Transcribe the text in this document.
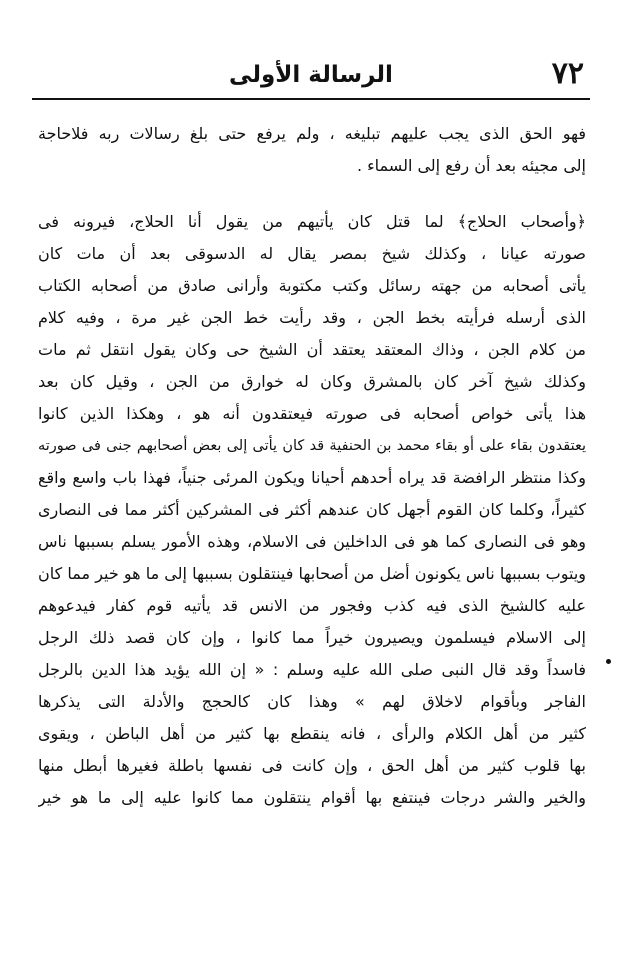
٧٢
الرسالة الأولى
فهو الحق الذى يجب عليهم تبليغه ، ولم يرفع حتى بلغ رسالات ربه فلاحاجة
إلى مجيئه بعد أن رفع إلى السماء .
﴿وأصحاب الحلاج﴾ لما قتل كان يأتيهم من يقول أنا الحلاج، فيرونه فى
صورته عيانا ، وكذلك شيخ بمصر يقال له الدسوقى بعد أن مات كان
يأتى أصحابه من جهته رسائل وكتب مكتوبة وأرانى صادق من أصحابه الكتاب
الذى أرسله فرأيته بخط الجن ، وقد رأيت خط الجن غير مرة ، وفيه كلام
من كلام الجن ، وذاك المعتقد يعتقد أن الشيخ حى وكان يقول انتقل ثم مات
وكذلك شيخ آخر كان بالمشرق وكان له خوارق من الجن ، وقيل كان بعد
هذا يأتى خواص أصحابه فى صورته فيعتقدون أنه هو ، وهكذا الذين كانوا
يعتقدون بقاء على أو بقاء محمد بن الحنفية قد كان يأتى إلى بعض أصحابهم جنى فى صورته
وكذا منتظر الرافضة قد يراه أحدهم أحيانا ويكون المرئى جنياً، فهذا باب واسع واقع
كثيراً، وكلما كان القوم أجهل كان عندهم أكثر فى المشركين أكثر مما فى النصارى
وهو فى النصارى كما هو فى الداخلين فى الاسلام، وهذه الأمور يسلم بسببها ناس
ويتوب بسببها ناس يكونون أضل من أصحابها فينتقلون بسببها إلى ما هو خير مما كان
عليه كالشيخ الذى فيه كذب وفجور من الانس قد يأتيه قوم كفار فيدعوهم
إلى الاسلام فيسلمون ويصيرون خيراً مما كانوا ، وإن كان قصد ذلك الرجل
فاسداً وقد قال النبى صلى الله عليه وسلم : « إن الله يؤيد هذا الدين بالرجل
الفاجر وبأقوام لاخلاق لهم » وهذا كان كالحجج والأدلة التى يذكرها
كثير من أهل الكلام والرأى ، فانه ينقطع بها كثير من أهل الباطن ، ويقوى
بها قلوب كثير من أهل الحق ، وإن كانت فى نفسها باطلة فغيرها أبطل منها
والخير والشر درجات فينتفع بها أقوام ينتقلون مما كانوا عليه إلى ما هو خير
